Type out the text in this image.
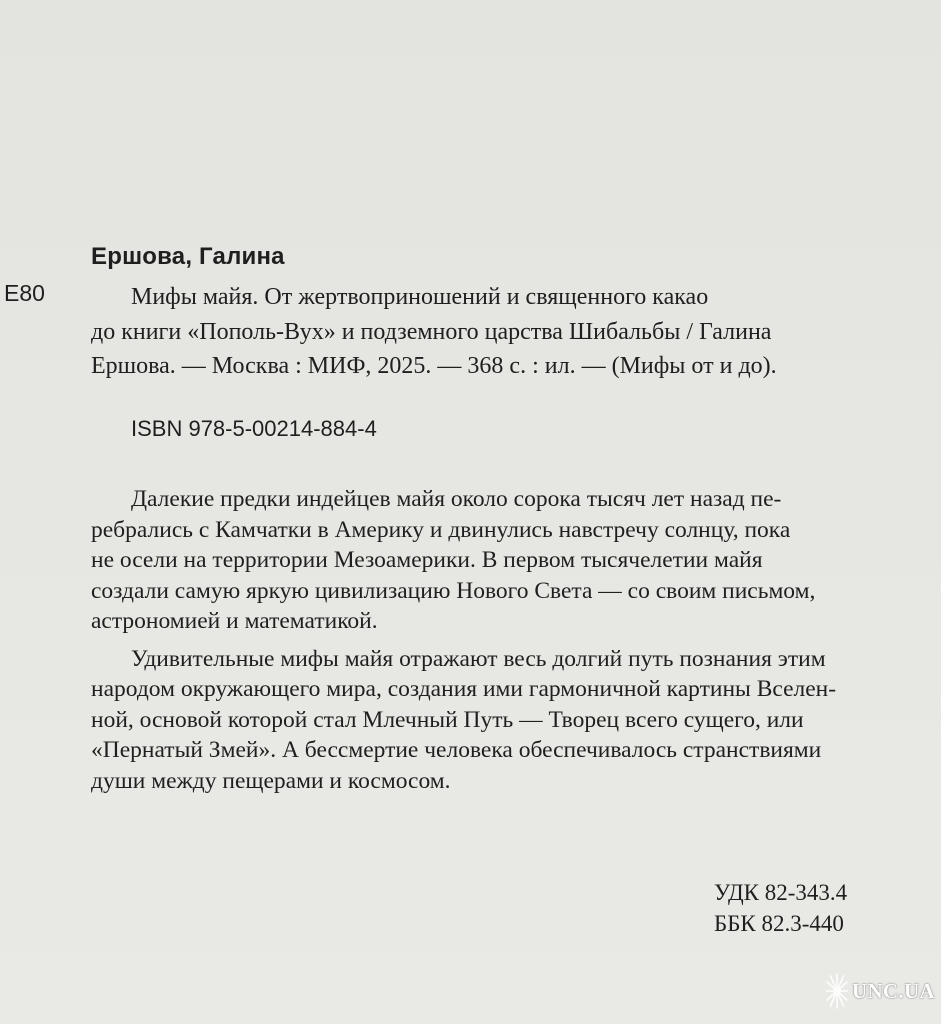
Ершова, Галина
Е80	Мифы майя. От жертвоприношений и священного какао
до книги «Пополь-Вух» и подземного царства Шибальбы / Галина
Ершова. — Москва : МИФ, 2025. — 368 с. : ил. — (Мифы от и до).
ISBN 978-5-00214-884-4
Далекие предки индейцев майя около сорока тысяч лет назад пе-
ребрались с Камчатки в Америку и двинулись навстречу солнцу, пока
не осели на территории Мезоамерики. В первом тысячелетии майя
создали самую яркую цивилизацию Нового Света — со своим письмом,
астрономией и математикой.
Удивительные мифы майя отражают весь долгий путь познания этим
народом окружающего мира, создания ими гармоничной картины Вселен-
ной, основой которой стал Млечный Путь — Творец всего сущего, или
«Пернатый Змей». А бессмертие человека обеспечивалось странствиями
души между пещерами и космосом.
УДК 82-343.4
ББК 82.3-440
UNC.UA
